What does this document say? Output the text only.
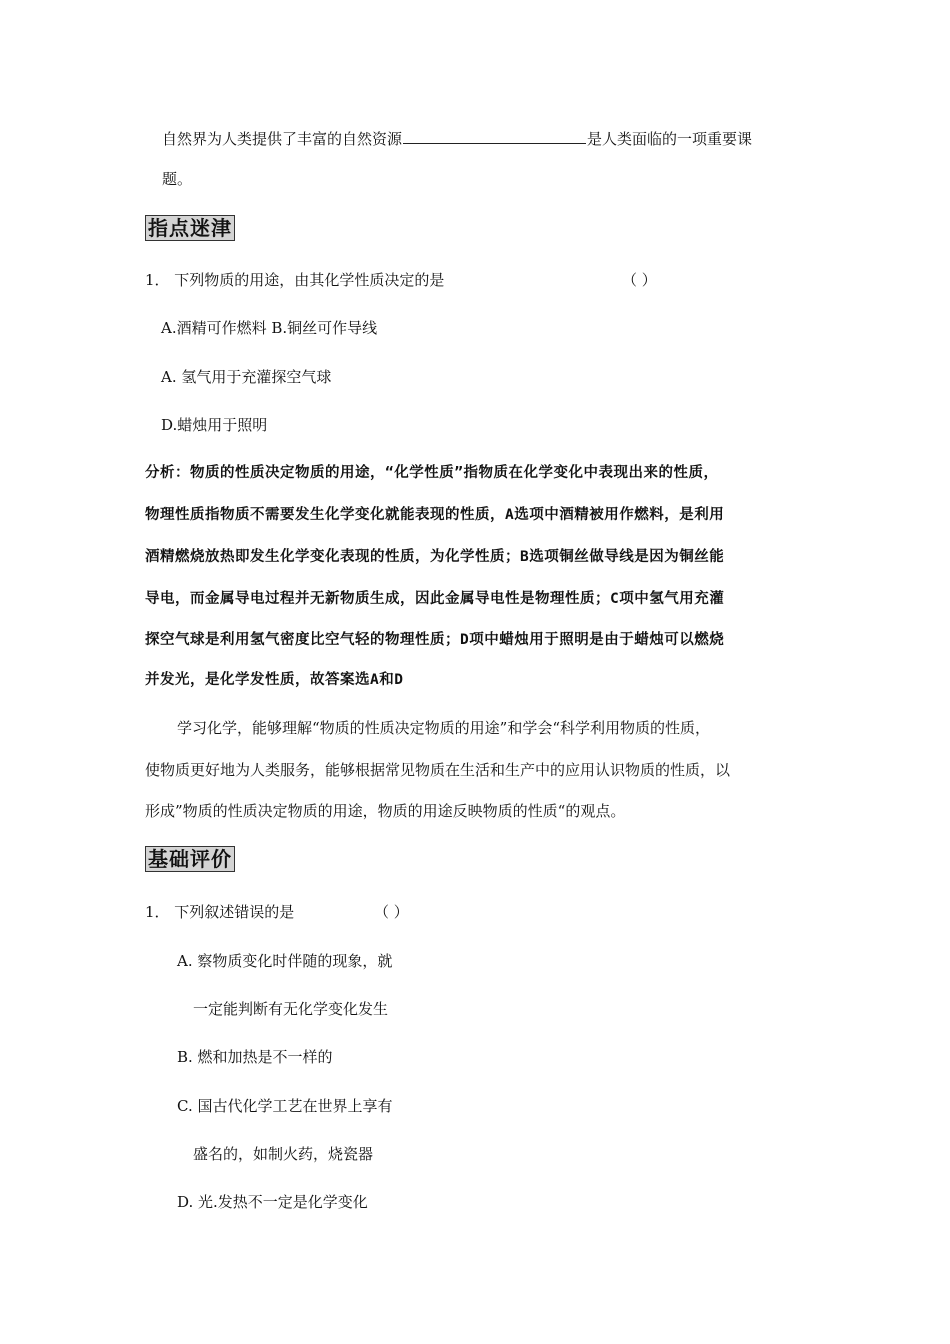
自然界为人类提供了丰富的自然资源	是人类面临的一项重要课
题。
指点迷津
1． 下列物质的用途，由其化学性质决定的是	（ ）
A.酒精可作燃料 B.铜丝可作导线
A. 氢气用于充灌探空气球
D.蜡烛用于照明
分析：物质的性质决定物质的用途，“化学性质”指物质在化学变化中表现出来的性质，
物理性质指物质不需要发生化学变化就能表现的性质，A选项中酒精被用作燃料，是利用
酒精燃烧放热即发生化学变化表现的性质，为化学性质；B选项铜丝做导线是因为铜丝能
导电，而金属导电过程并无新物质生成，因此金属导电性是物理性质；C项中氢气用充灌
探空气球是利用氢气密度比空气轻的物理性质；D项中蜡烛用于照明是由于蜡烛可以燃烧
并发光，是化学发性质，故答案选A和D
学习化学，能够理解“物质的性质决定物质的用途”和学会“科学利用物质的性质，
使物质更好地为人类服务，能够根据常见物质在生活和生产中的应用认识物质的性质，以
形成”物质的性质决定物质的用途，物质的用途反映物质的性质“的观点。
基础评价
1． 下列叙述错误的是	（ ）
A. 察物质变化时伴随的现象，就
一定能判断有无化学变化发生
B. 燃和加热是不一样的
C. 国古代化学工艺在世界上享有
盛名的，如制火药，烧瓷器
D. 光.发热不一定是化学变化
